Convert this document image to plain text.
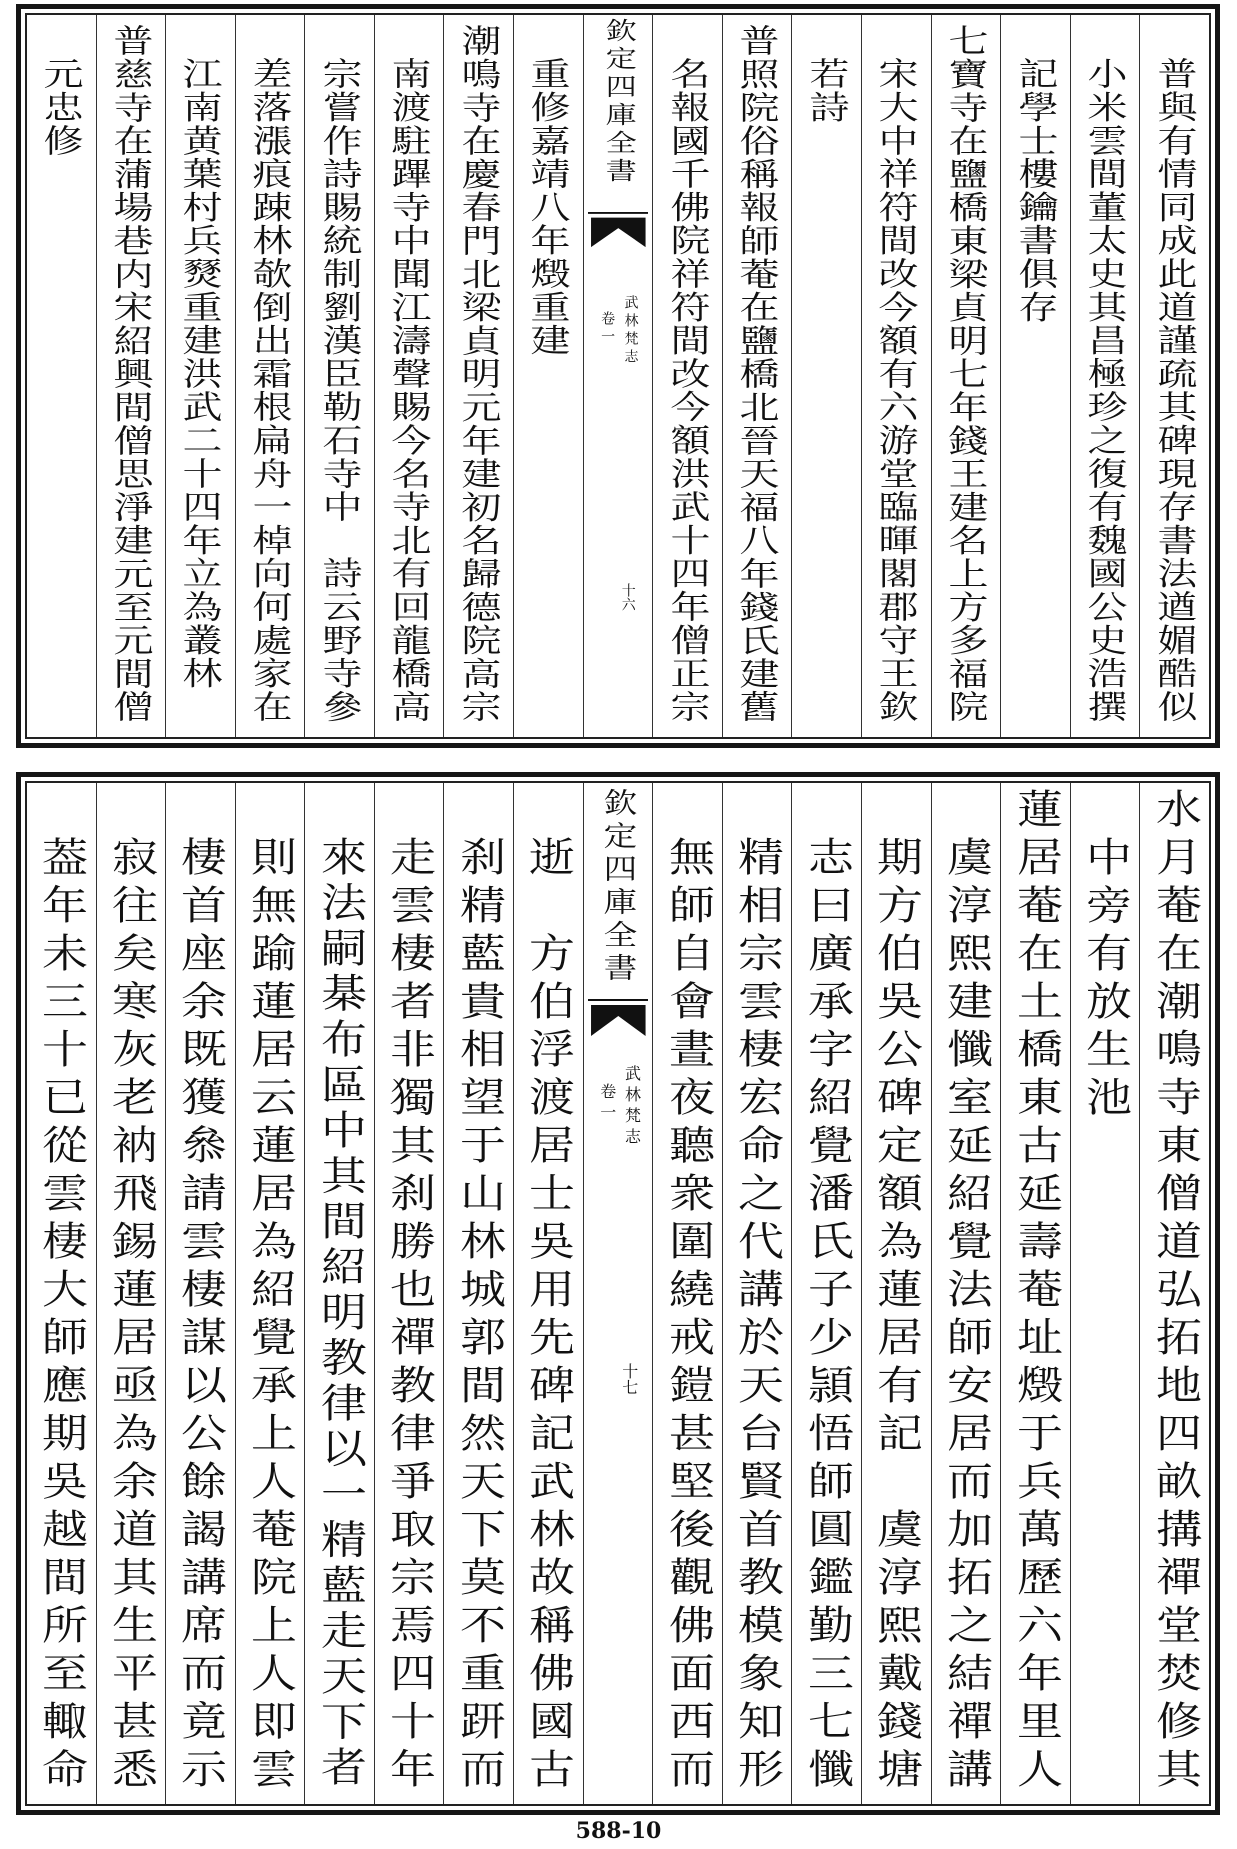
普與有情同成此道謹疏其碑現存書法遒媚酷似
小米雲間董太史其昌極珍之復有魏國公史浩撰
記學士樓鑰書俱存
七寶寺在鹽橋東梁貞明七年錢王建名上方多福院
宋大中祥符間改今額有六游堂臨暉閣郡守王欽
若詩
普照院俗稱報師菴在鹽橋北晉天福八年錢氏建舊
名報國千佛院祥符間改今額洪武十四年僧正宗
欽定四庫全書
武林梵志
卷一
十六
重修嘉靖八年燬重建
潮鳴寺在慶春門北梁貞明元年建初名歸德院高宗
南渡駐蹕寺中聞江濤聲賜今名寺北有回龍橋高
宗嘗作詩賜統制劉漢臣勒石寺中　詩云野寺參
差落漲痕踈林欹倒出霜根扁舟一棹向何處家在
江南黄葉村兵燹重建洪武二十四年立為叢林
普慈寺在蒲場巷内宋紹興間僧思淨建元至元間僧
元忠修
水月菴在潮鳴寺東僧道弘拓地四畝搆禪堂焚修其
中旁有放生池
蓮居菴在土橋東古延壽菴址燬于兵萬歷六年里人
虞淳熙建懺室延紹覺法師安居而加拓之結禪講
期方伯吳公碑定額為蓮居有記　虞淳熙戴錢塘
志曰廣承字紹覺潘氏子少頴悟師圓鑑勤三七懺
精相宗雲棲宏命之代講於天台賢首教模象知形
無師自會晝夜聽衆圍繞戒鎧甚堅後觀佛面西而
欽定四庫全書
武林梵志
卷一
十七
逝　方伯浮渡居士吳用先碑記武林故稱佛國古
刹精藍貴相望于山林城郭間然天下莫不重趼而
走雲棲者非獨其刹勝也禪教律爭取宗焉四十年
來法嗣棊布區中其間紹明教律以一精藍走天下者
則無踰蓮居云蓮居為紹覺承上人菴院上人即雲
棲首座余既獲叅請雲棲謀以公餘謁講席而竟示
寂往矣寒灰老衲飛錫蓮居亟為余道其生平甚悉
葢年未三十已從雲棲大師應期吳越間所至輙命
588-10
